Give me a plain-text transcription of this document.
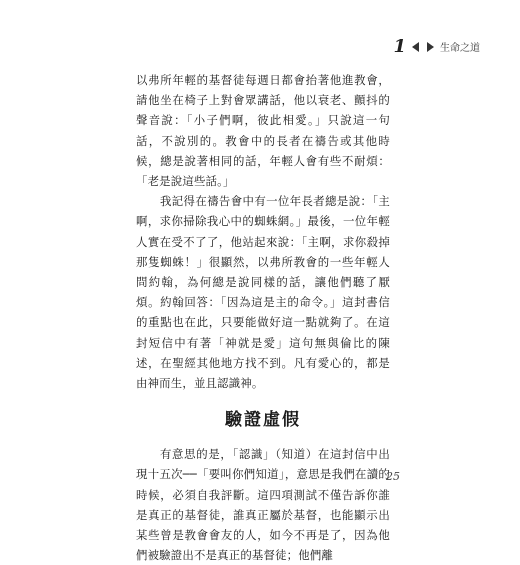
1	生命之道

以弗所年輕的基督徒每週日都會抬著他進教會，請他坐在椅子上對會眾講話，他以衰老、顫抖的聲音說：「小子們啊，彼此相愛。」只說這一句話，不說別的。教會中的長者在禱告或其他時候，總是說著相同的話，年輕人會有些不耐煩：「老是說這些話。」

我記得在禱告會中有一位年長者總是說：「主啊，求你掃除我心中的蜘蛛網。」最後，一位年輕人實在受不了了，他站起來說：「主啊，求你殺掉那隻蜘蛛！」很顯然，以弗所教會的一些年輕人問約翰，為何總是說同樣的話，讓他們聽了厭煩。約翰回答：「因為這是主的命令。」這封書信的重點也在此，只要能做好這一點就夠了。在這封短信中有著「神就是愛」這句無與倫比的陳述，在聖經其他地方找不到。凡有愛心的，都是由神而生，並且認識神。

驗證虛假

有意思的是，「認識」（知道）在這封信中出現十五次──「要叫你們知道」，意思是我們在讀的時候，必須自我評斷。這四項測試不僅告訴你誰是真正的基督徒，誰真正屬於基督，也能顯示出某些曾是教會會友的人，如今不再是了，因為他們被驗證出不是真正的基督徒；他們離

25
